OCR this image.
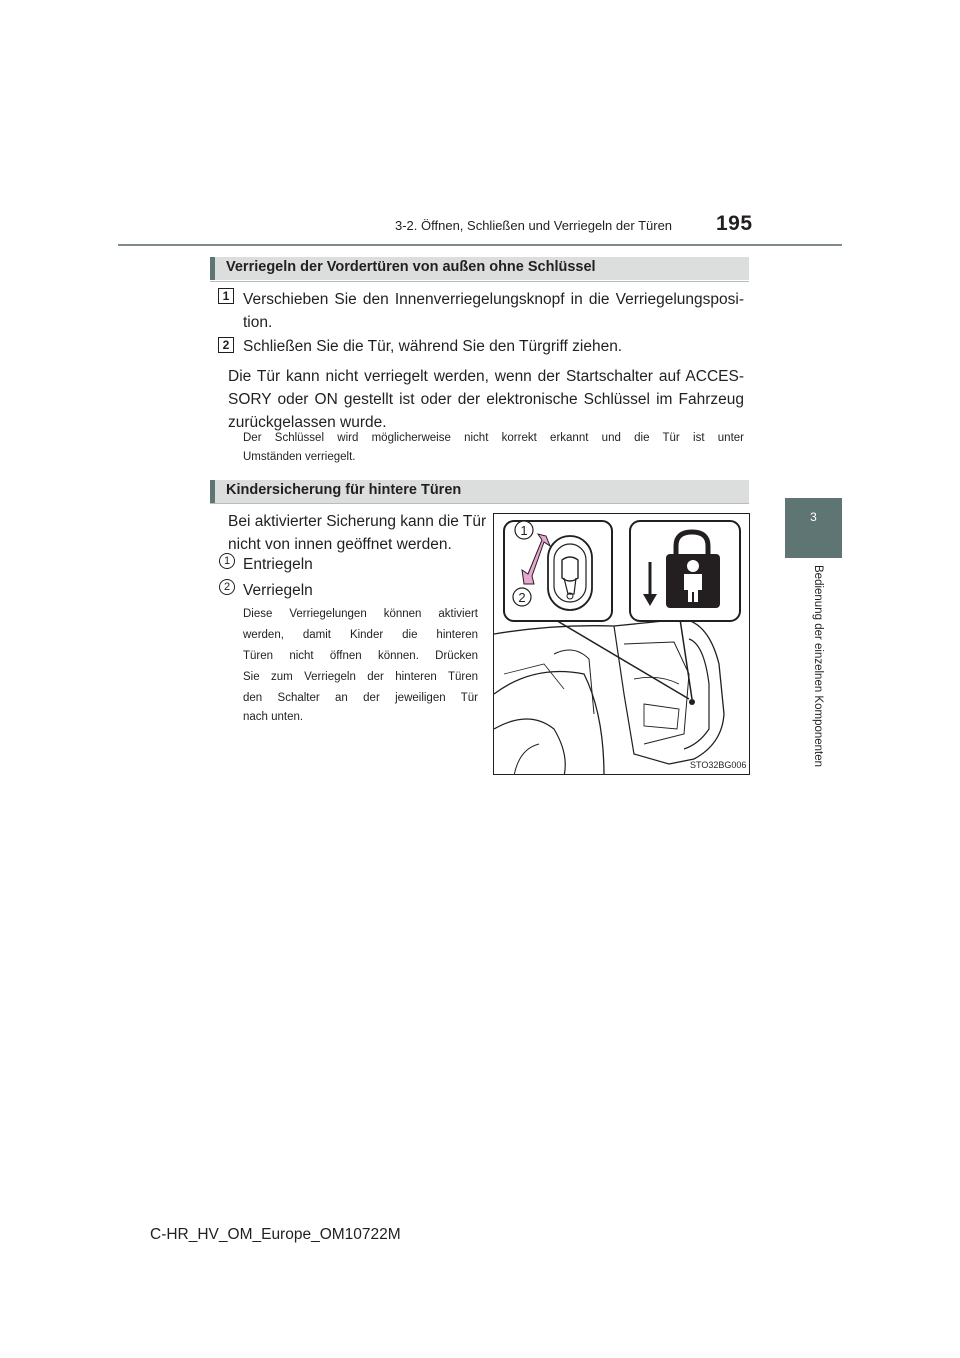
3-2. Öffnen, Schließen und Verriegeln der Türen 195
3
Bedienung der einzelnen Komponenten
Verriegeln der Vordertüren von außen ohne Schlüssel
1 Verschieben Sie den Innenverriegelungsknopf in die Verriegelungsposi-
tion.
2 Schließen Sie die Tür, während Sie den Türgriff ziehen.
Die Tür kann nicht verriegelt werden, wenn der Startschalter auf ACCES-
SORY oder ON gestellt ist oder der elektronische Schlüssel im Fahrzeug
zurückgelassen wurde.
Der Schlüssel wird möglicherweise nicht korrekt erkannt und die Tür ist unter
Umständen verriegelt.
Kindersicherung für hintere Türen
Bei aktivierter Sicherung kann die Tür
nicht von innen geöffnet werden.
1 Entriegeln
2 Verriegeln
Diese Verriegelungen können aktiviert
werden, damit Kinder die hinteren
Türen nicht öffnen können. Drücken
Sie zum Verriegeln der hinteren Türen
den Schalter an der jeweiligen Tür
nach unten.
1
2
STO32BG006
C-HR_HV_OM_Europe_OM10722M
